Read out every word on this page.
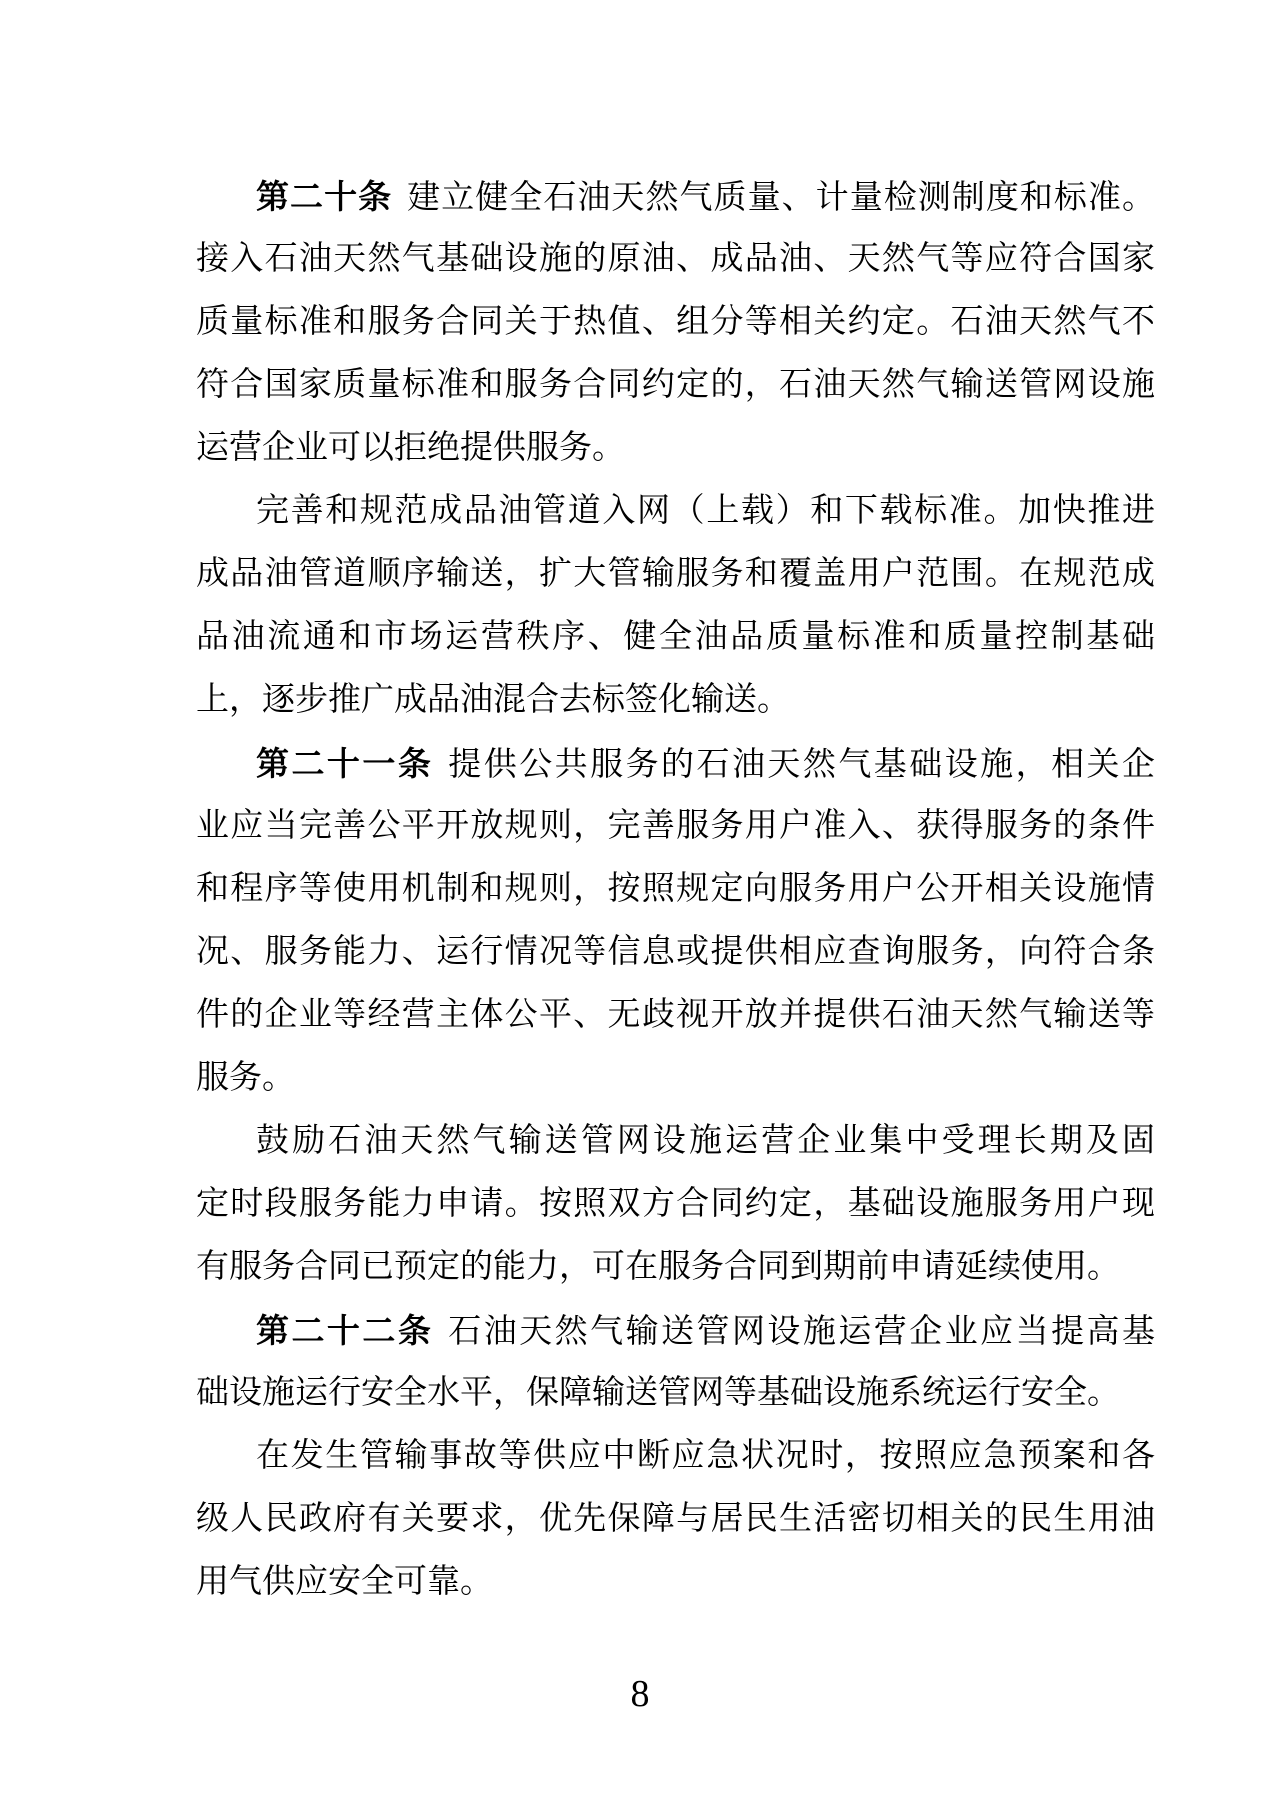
第二十条 建立健全石油天然气质量、计量检测制度和标准。
接入石油天然气基础设施的原油、成品油、天然气等应符合国家
质量标准和服务合同关于热值、组分等相关约定。石油天然气不
符合国家质量标准和服务合同约定的，石油天然气输送管网设施
运营企业可以拒绝提供服务。
完善和规范成品油管道入网（上载）和下载标准。加快推进
成品油管道顺序输送，扩大管输服务和覆盖用户范围。在规范成
品油流通和市场运营秩序、健全油品质量标准和质量控制基础
上，逐步推广成品油混合去标签化输送。
第二十一条 提供公共服务的石油天然气基础设施，相关企
业应当完善公平开放规则，完善服务用户准入、获得服务的条件
和程序等使用机制和规则，按照规定向服务用户公开相关设施情
况、服务能力、运行情况等信息或提供相应查询服务，向符合条
件的企业等经营主体公平、无歧视开放并提供石油天然气输送等
服务。
鼓励石油天然气输送管网设施运营企业集中受理长期及固
定时段服务能力申请。按照双方合同约定，基础设施服务用户现
有服务合同已预定的能力，可在服务合同到期前申请延续使用。
第二十二条 石油天然气输送管网设施运营企业应当提高基
础设施运行安全水平，保障输送管网等基础设施系统运行安全。
在发生管输事故等供应中断应急状况时，按照应急预案和各
级人民政府有关要求，优先保障与居民生活密切相关的民生用油
用气供应安全可靠。
8
